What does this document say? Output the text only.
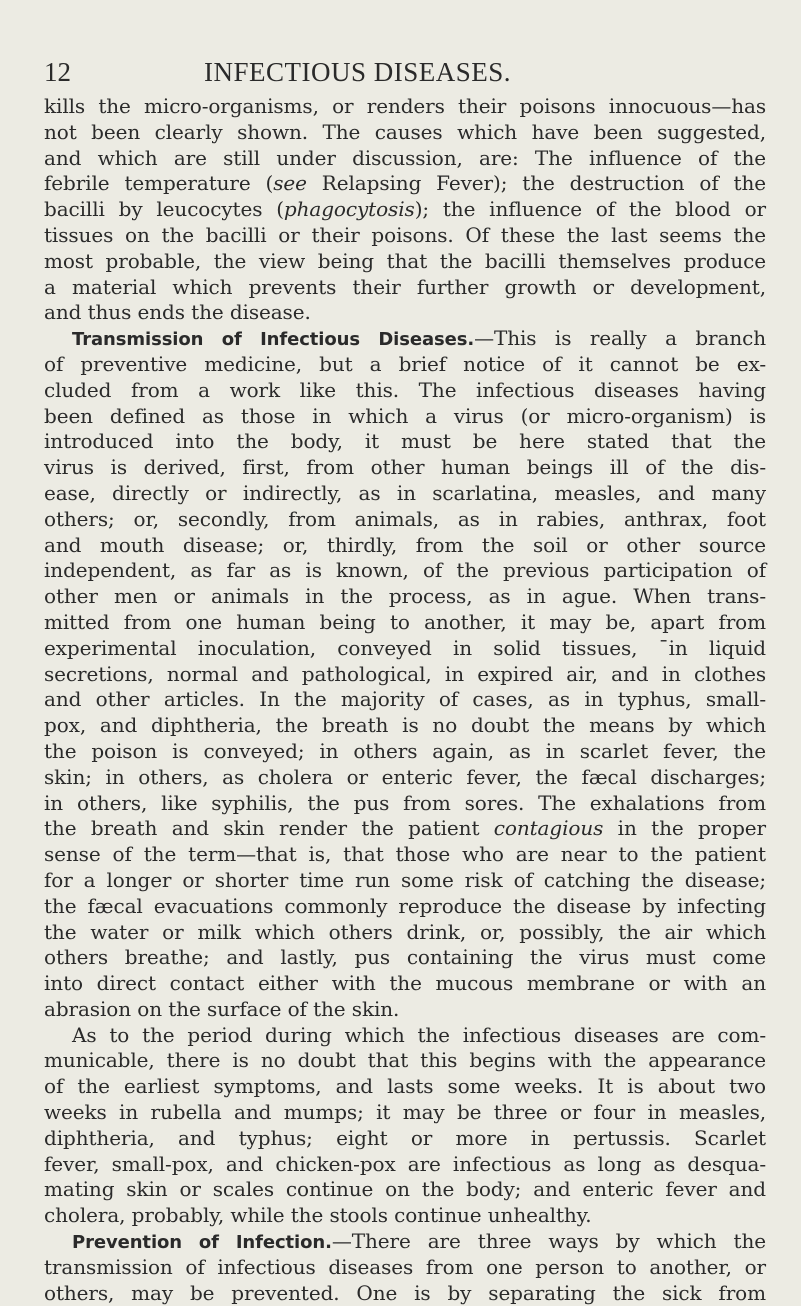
12	INFECTIOUS DISEASES.
kills the micro-organisms, or renders their poisons innocuous—has
not been clearly shown. The causes which have been suggested,
and which are still under discussion, are: The influence of the
febrile temperature (see Relapsing Fever); the destruction of the
bacilli by leucocytes (phagocytosis); the influence of the blood or
tissues on the bacilli or their poisons. Of these the last seems the
most probable, the view being that the bacilli themselves produce
a material which prevents their further growth or development,
and thus ends the disease.
Transmission of Infectious Diseases.—This is really a branch
of preventive medicine, but a brief notice of it cannot be ex-
cluded from a work like this. The infectious diseases having
been defined as those in which a virus (or micro-organism) is
introduced into the body, it must be here stated that the
virus is derived, first, from other human beings ill of the dis-
ease, directly or indirectly, as in scarlatina, measles, and many
others; or, secondly, from animals, as in rabies, anthrax, foot
and mouth disease; or, thirdly, from the soil or other source
independent, as far as is known, of the previous participation of
other men or animals in the process, as in ague. When trans-
mitted from one human being to another, it may be, apart from
experimental inoculation, conveyed in solid tissues, ˉin liquid
secretions, normal and pathological, in expired air, and in clothes
and other articles. In the majority of cases, as in typhus, small-
pox, and diphtheria, the breath is no doubt the means by which
the poison is conveyed; in others again, as in scarlet fever, the
skin; in others, as cholera or enteric fever, the fæcal discharges;
in others, like syphilis, the pus from sores. The exhalations from
the breath and skin render the patient contagious in the proper
sense of the term—that is, that those who are near to the patient
for a longer or shorter time run some risk of catching the disease;
the fæcal evacuations commonly reproduce the disease by infecting
the water or milk which others drink, or, possibly, the air which
others breathe; and lastly, pus containing the virus must come
into direct contact either with the mucous membrane or with an
abrasion on the surface of the skin.
As to the period during which the infectious diseases are com-
municable, there is no doubt that this begins with the appearance
of the earliest symptoms, and lasts some weeks. It is about two
weeks in rubella and mumps; it may be three or four in measles,
diphtheria, and typhus; eight or more in pertussis. Scarlet
fever, small-pox, and chicken-pox are infectious as long as desqua-
mating skin or scales continue on the body; and enteric fever and
cholera, probably, while the stools continue unhealthy.
Prevention of Infection.—There are three ways by which the
transmission of infectious diseases from one person to another, or
others, may be prevented. One is by separating the sick from
